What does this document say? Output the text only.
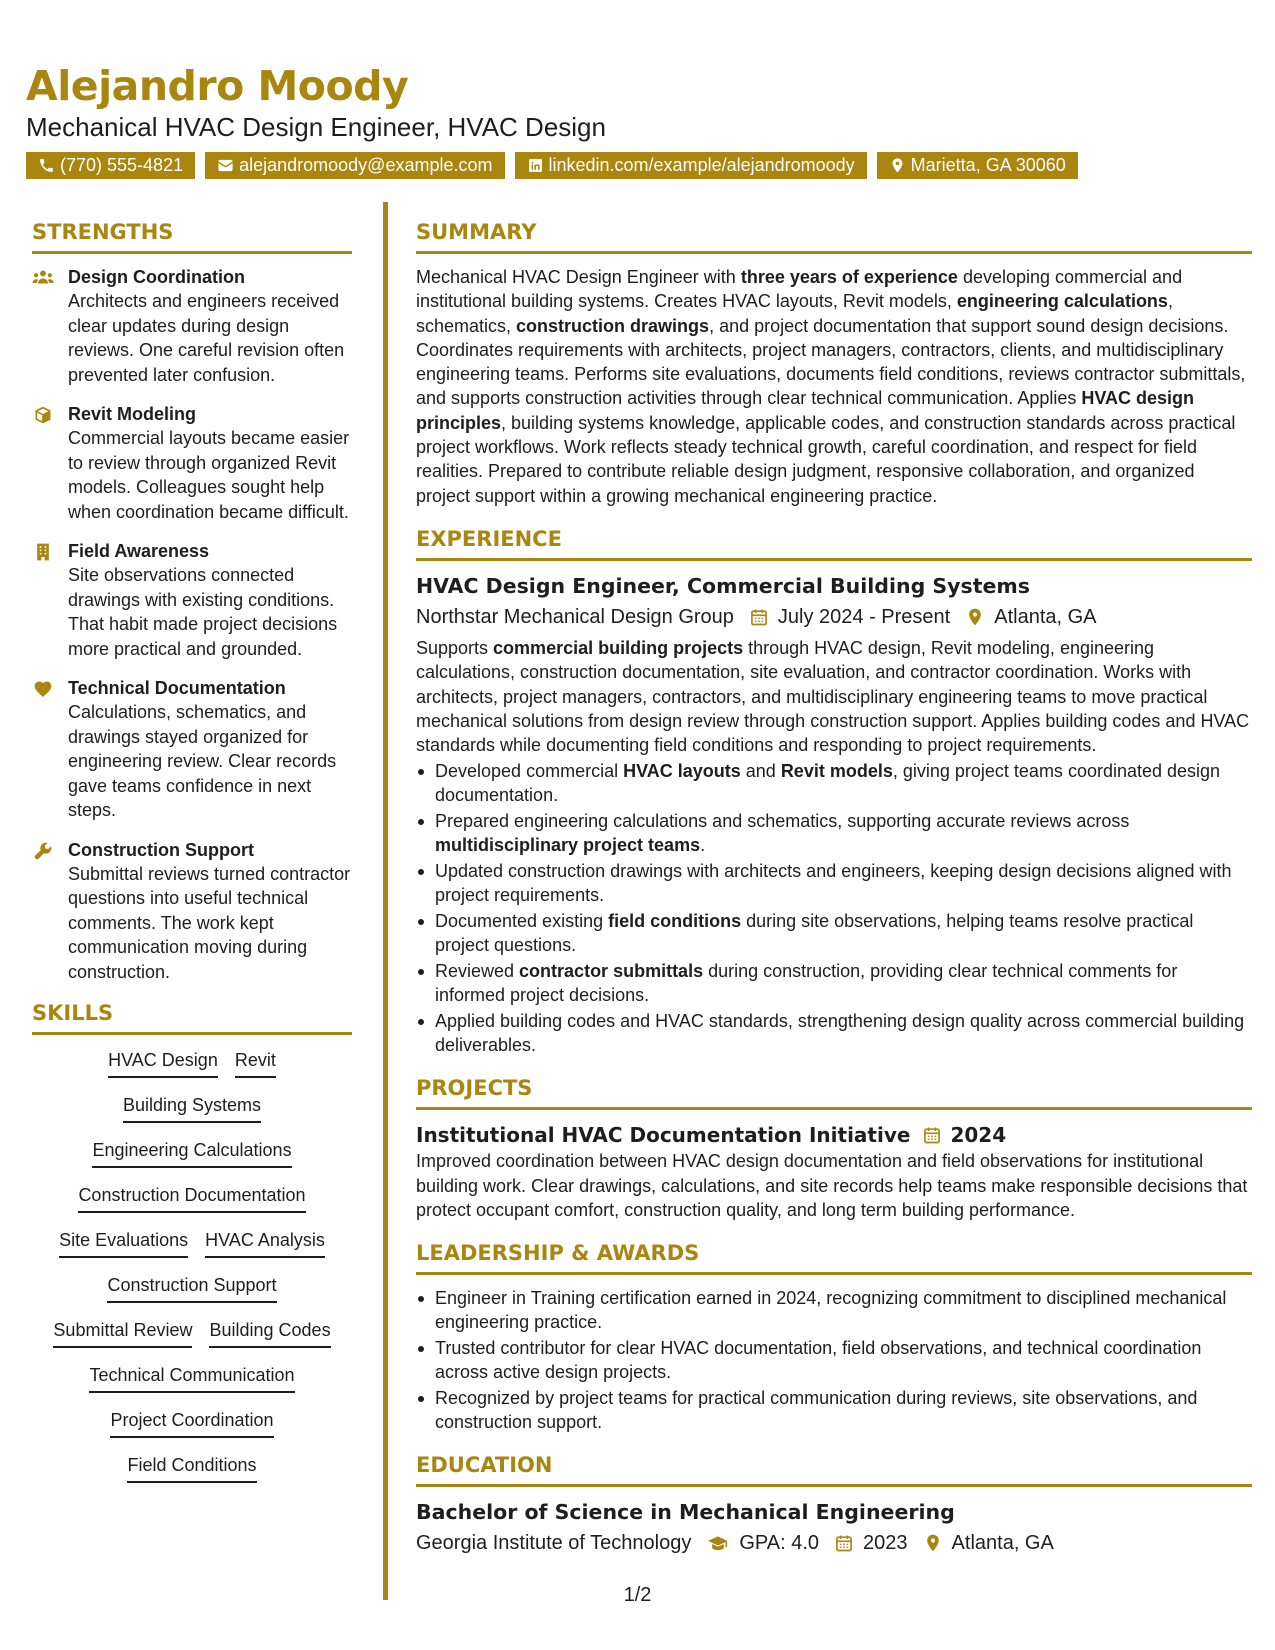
Alejandro Moody
Mechanical HVAC Design Engineer, HVAC Design
(770) 555-4821	alejandromoody@example.com	linkedin.com/example/alejandromoody	Marietta, GA 30060
STRENGTHS
Design Coordination

Architects and engineers received clear updates during design reviews. One careful revision often prevented later confusion.

Revit Modeling

Commercial layouts became easier to review through organized Revit models. Colleagues sought help when coordination became difficult.

Field Awareness

Site observations connected drawings with existing conditions. That habit made project decisions more practical and grounded.

Technical Documentation

Calculations, schematics, and drawings stayed organized for engineering review. Clear records gave teams confidence in next steps.

Construction Support

Submittal reviews turned contractor questions into useful technical comments. The work kept communication moving during construction.

SKILLS
HVAC Design Revit
Building Systems
Engineering Calculations
Construction Documentation
Site Evaluations HVAC Analysis
Construction Support
Submittal Review Building Codes
Technical Communication
Project Coordination
Field Conditions
SUMMARY

Mechanical HVAC Design Engineer with three years of experience developing commercial and institutional building systems. Creates HVAC layouts, Revit models, engineering calculations, schematics, construction drawings, and project documentation that support sound design decisions. Coordinates requirements with architects, project managers, contractors, clients, and multidisciplinary engineering teams. Performs site evaluations, documents field conditions, reviews contractor submittals, and supports construction activities through clear technical communication. Applies HVAC design principles, building systems knowledge, applicable codes, and construction standards across practical project workflows. Work reflects steady technical growth, careful coordination, and respect for field realities. Prepared to contribute reliable design judgment, responsive collaboration, and organized project support within a growing mechanical engineering practice.

EXPERIENCE
HVAC Design Engineer, Commercial Building Systems
Northstar Mechanical Design Group July 2024 - Present Atlanta, GA

Supports commercial building projects through HVAC design, Revit modeling, engineering calculations, construction documentation, site evaluation, and contractor coordination. Works with architects, project managers, contractors, and multidisciplinary engineering teams to move practical mechanical solutions from design review through construction support. Applies building codes and HVAC standards while documenting field conditions and responding to project requirements.

Developed commercial HVAC layouts and Revit models, giving project teams coordinated design documentation.
Prepared engineering calculations and schematics, supporting accurate reviews across multidisciplinary project teams.
Updated construction drawings with architects and engineers, keeping design decisions aligned with project requirements.
Documented existing field conditions during site observations, helping teams resolve practical project questions.
Reviewed contractor submittals during construction, providing clear technical comments for informed project decisions.
Applied building codes and HVAC standards, strengthening design quality across commercial building deliverables.
PROJECTS
Institutional HVAC Documentation Initiative 2024

Improved coordination between HVAC design documentation and field observations for institutional building work. Clear drawings, calculations, and site records help teams make responsible decisions that protect occupant comfort, construction quality, and long term building performance.

LEADERSHIP & AWARDS
Engineer in Training certification earned in 2024, recognizing commitment to disciplined mechanical engineering practice.
Trusted contributor for clear HVAC documentation, field observations, and technical coordination across active design projects.
Recognized by project teams for practical communication during reviews, site observations, and construction support.
EDUCATION
Bachelor of Science in Mechanical Engineering
Georgia Institute of Technology GPA: 4.0 2023 Atlanta, GA
1/2
